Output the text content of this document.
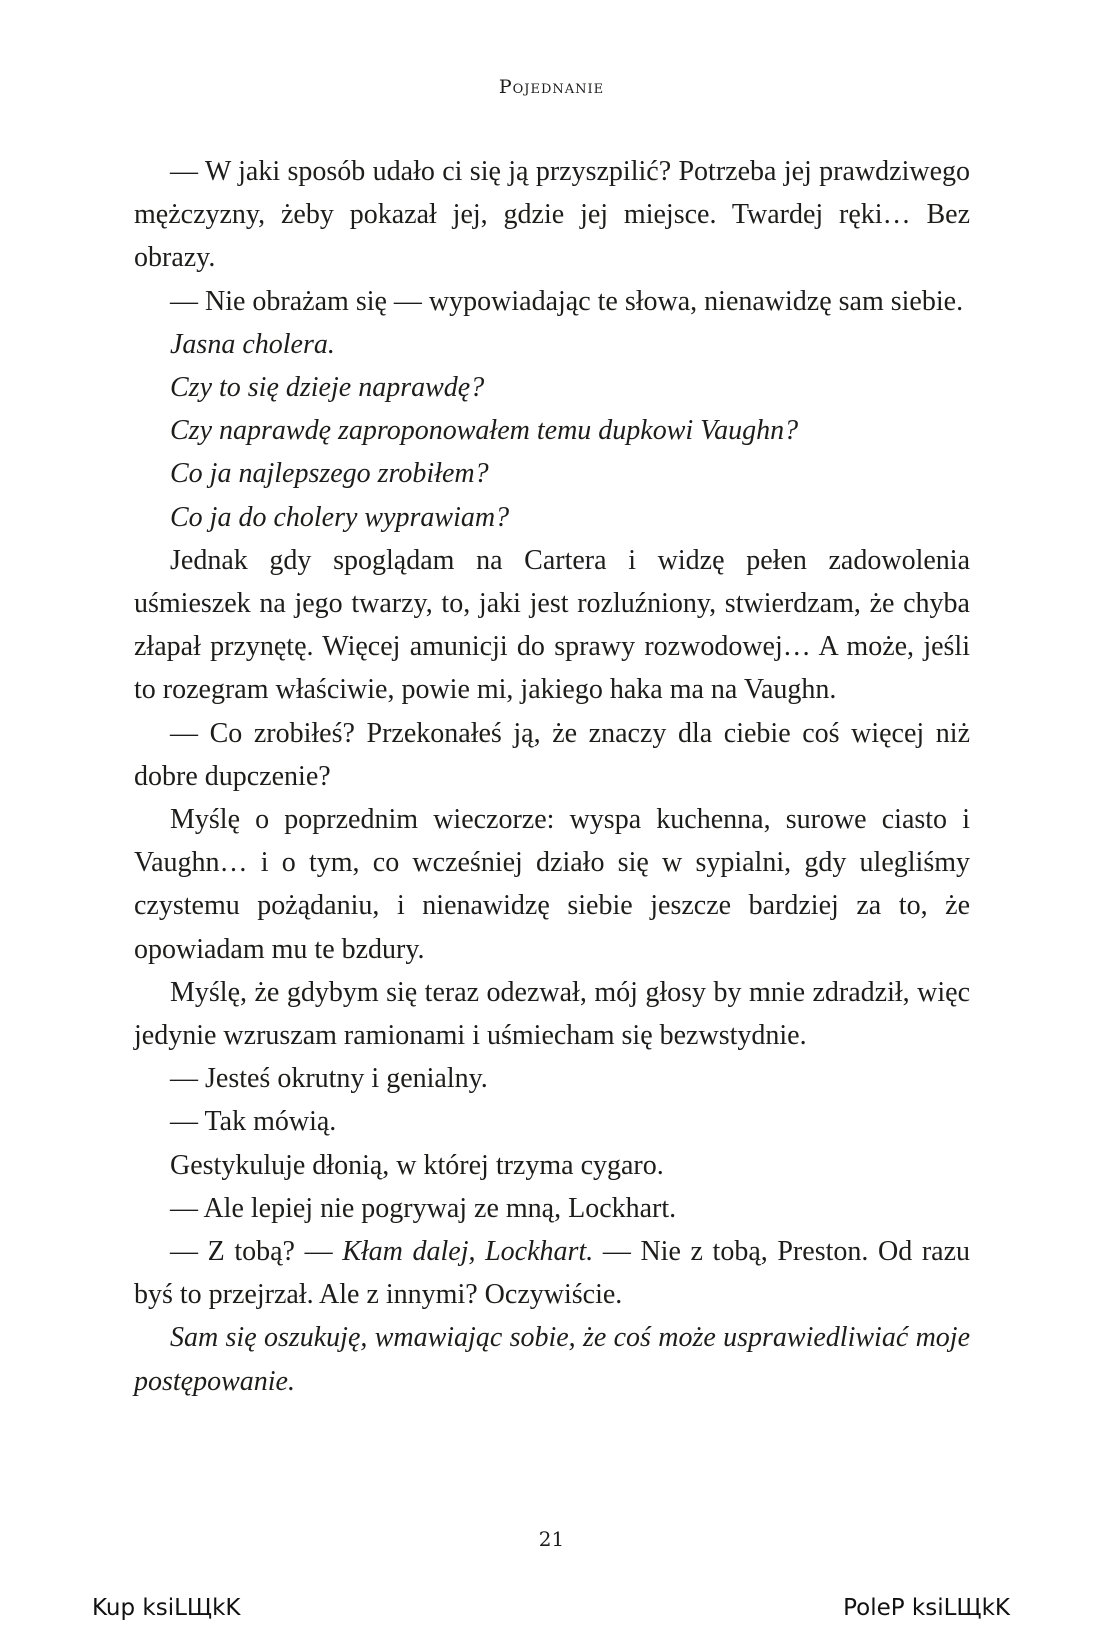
Pojednanie

— W jaki sposób udało ci się ją przyszpilić? Potrzeba jej prawdziwego mężczyzny, żeby pokazał jej, gdzie jej miejsce. Twardej ręki… Bez obrazy.

— Nie obrażam się — wypowiadając te słowa, nienawidzę sam siebie.

Jasna cholera.

Czy to się dzieje naprawdę?

Czy naprawdę zaproponowałem temu dupkowi Vaughn?

Co ja najlepszego zrobiłem?

Co ja do cholery wyprawiam?

Jednak gdy spoglądam na Cartera i widzę pełen zadowolenia uśmieszek na jego twarzy, to, jaki jest rozluźniony, stwierdzam, że chyba złapał przynętę. Więcej amunicji do sprawy rozwodowej… A może, jeśli to rozegram właściwie, powie mi, jakiego haka ma na Vaughn.

— Co zrobiłeś? Przekonałeś ją, że znaczy dla ciebie coś więcej niż dobre dupczenie?

Myślę o poprzednim wieczorze: wyspa kuchenna, surowe ciasto i Vaughn… i o tym, co wcześniej działo się w sypialni, gdy ulegliśmy czystemu pożądaniu, i nienawidzę siebie jeszcze bardziej za to, że opowiadam mu te bzdury.

Myślę, że gdybym się teraz odezwał, mój głosy by mnie zdradził, więc jedynie wzruszam ramionami i uśmiecham się bezwstydnie.

— Jesteś okrutny i genialny.

— Tak mówią.

Gestykuluje dłonią, w której trzyma cygaro.

— Ale lepiej nie pogrywaj ze mną, Lockhart.

— Z tobą? — Kłam dalej, Lockhart. — Nie z tobą, Preston. Od razu byś to przejrzał. Ale z innymi? Oczywiście.

Sam się oszukuję, wmawiając sobie, że coś może usprawiedliwiać moje postępowanie.

21
Kup ksiLЩkK	PoleP ksiLЩkK
